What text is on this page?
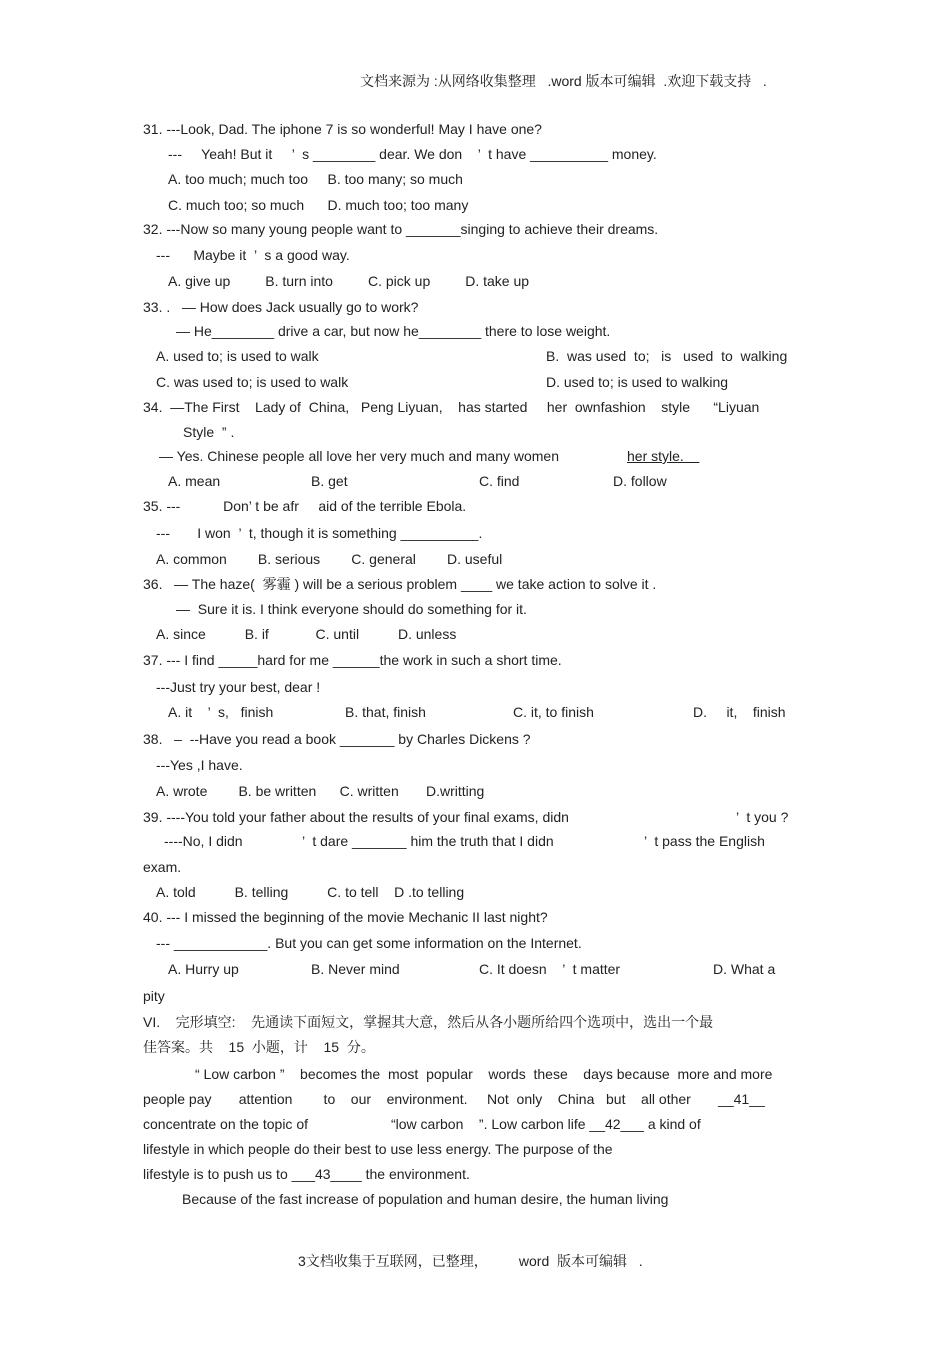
文档来源为 :从网络收集整理   .word 版本可编辑  .欢迎下载支持   .
31. ---Look, Dad. The iphone 7 is so wonderful! May I have one?
---     Yeah! But it     ’  s ________ dear. We don    ’  t have __________ money.
A. too much; much too     B. too many; so much
C. much too; so much      D. much too; too many
32. ---Now so many young people want to _______singing to achieve their dreams.
---      Maybe it  ’  s a good way.
A. give up         B. turn into         C. pick up         D. take up
33. .   — How does Jack usually go to work?
— He________ drive a car, but now he________ there to lose weight.
A. used to; is used to walk	B.  was used  to;   is   used  to  walking
C. was used to; is used to walk	D. used to; is used to walking
34.  —The First    Lady of  China,   Peng Liyuan,    has started     her  ownfashion    style      “Liyuan
Style  ” .
— Yes. Chinese people all love her very much and many women	her style.
A. mean	B. get	C. find	D. follow
35. ---           Don’ t be afr     aid of the terrible Ebola.
---       I won  ’  t, though it is something __________.
A. common        B. serious        C. general        D. useful
36.   — The haze(  雾霾 ) will be a serious problem ____ we take action to solve it .
—  Sure it is. I think everyone should do something for it.
A. since          B. if            C. until          D. unless
37. --- I find _____hard for me ______the work in such a short time.
---Just try your best, dear !
A. it    ’  s,   finish	B. that, finish	C. it, to finish	D.     it,    finish
38.   –  --Have you read a book _______ by Charles Dickens ?
---Yes ,I have.
A. wrote        B. be written      C. written       D.writting
39. ----You told your father about the results of your final exams, didn	’  t you ?
----No, I didn	’  t dare _______ him the truth that I didn	’  t pass the English
exam.
A. told          B. telling          C. to tell    D .to telling
40. --- I missed the beginning of the movie Mechanic II last night?
--- ____________. But you can get some information on the Internet.
A. Hurry up	B. Never mind	C. It doesn    ’  t matter	D. What a
pity
VI.    完形填空:    先通读下面短文，掌握其大意，然后从各小题所给四个选项中，选出一个最
佳答案。共    15  小题，计    15  分。
“ Low carbon ”    becomes the  most  popular    words  these    days because  more and more
people pay       attention        to    our    environment.     Not  only    China   but    all other       __41__
concentrate on the topic of	“low carbon    ”. Low carbon life __42___ a kind of
lifestyle in which people do their best to use less energy. The purpose of the
lifestyle is to push us to ___43____ the environment.
Because of the fast increase of population and human desire, the human living
3文档收集于互联网，已整理，        word  版本可编辑   .
